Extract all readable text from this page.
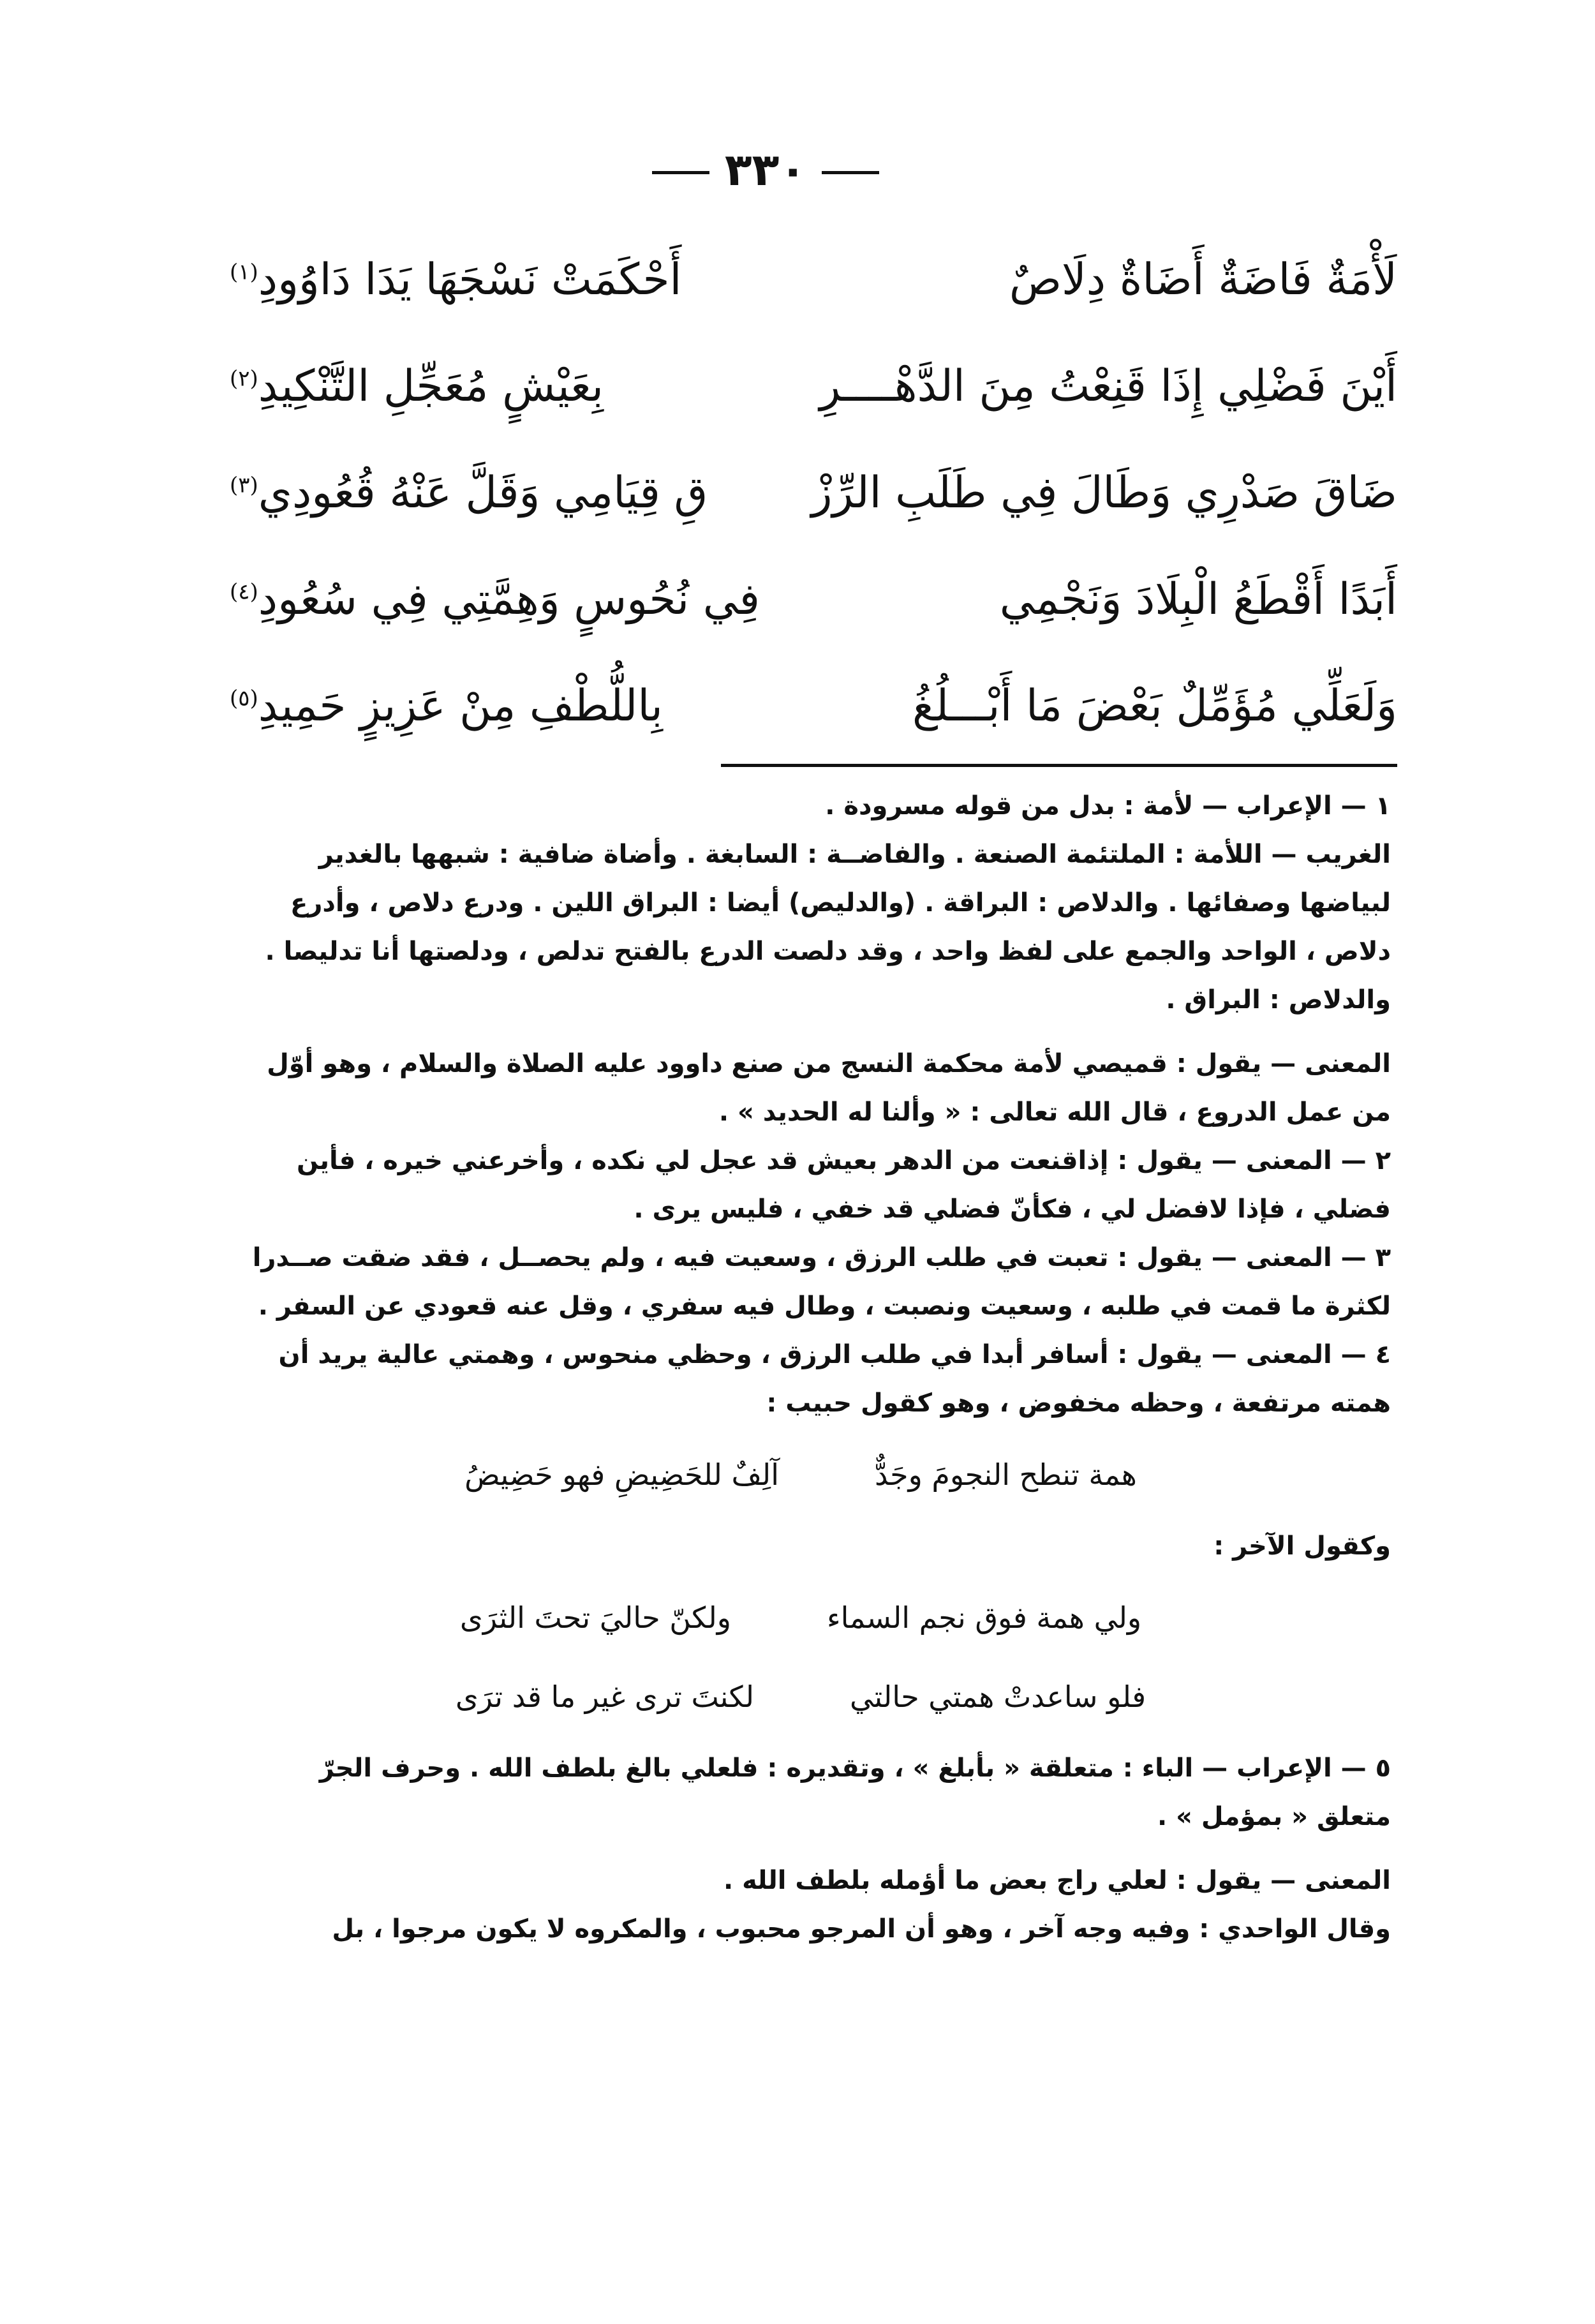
٣٣٠
لَأْمَةٌ فَاضَةٌ أَضَاةٌ دِلَاصٌ
أَحْكَمَتْ نَسْجَهَا يَدَا دَاوُودِ$^{(١)}$
أَيْنَ فَضْلِي إِذَا قَنِعْتُ مِنَ الدَّهْــــرِ
بِعَيْشٍ مُعَجِّلِ التَّنْكِيدِ$^{(٢)}$
ضَاقَ صَدْرِي وَطَالَ فِي طَلَبِ الرِّزْ
قِ قِيَامِي وَقَلَّ عَنْهُ قُعُودِي$^{(٣)}$
أَبَدًا أَقْطَعُ الْبِلَادَ وَنَجْمِي
فِي نُحُوسٍ وَهِمَّتِي فِي سُعُودِ$^{(٤)}$
وَلَعَلِّي مُؤَمِّلٌ بَعْضَ مَا أَبْـــلُغُ
بِاللُّطْفِ مِنْ عَزِيزٍ حَمِيدِ$^{(٥)}$

١ — الإعراب — لأمة : بدل من قوله مسرودة .

الغريب — اللأمة : الملتئمة الصنعة . والفاضــة : السابغة . وأضاة ضافية : شبهها بالغدير

لبياضها وصفائها . والدلاص : البراقة . (والدليص) أيضا : البراق اللين . ودرع دلاص ، وأدرع

دلاص ، الواحد والجمع على لفظ واحد ، وقد دلصت الدرع بالفتح تدلص ، ودلصتها أنا تدليصا .

والدلاص : البراق .

المعنى — يقول : قميصي لأمة محكمة النسج من صنع داوود عليه الصلاة والسلام ، وهو أوّل

من عمل الدروع ، قال الله تعالى : « وألنا له الحديد » .

٢ — المعنى — يقول : إذاقنعت من الدهر بعيش قد عجل لي نكده ، وأخرعني خيره ، فأين

فضلي ، فإذا لافضل لي ، فكأنّ فضلي قد خفي ، فليس يرى .

٣ — المعنى — يقول : تعبت في طلب الرزق ، وسعيت فيه ، ولم يحصــل ، فقد ضقت صــدرا

لكثرة ما قمت في طلبه ، وسعيت ونصبت ، وطال فيه سفري ، وقل عنه قعودي عن السفر .

٤ — المعنى — يقول : أسافر أبدا في طلب الرزق ، وحظي منحوس ، وهمتي عالية يريد أن

همته مرتفعة ، وحظه مخفوض ، وهو كقول حبيب :

همة تنطح النجومَ وجَدٌّ
آلِفٌ للحَضِيضِ فهو حَضِيضُ

وكقول الآخر :

ولي همة فوق نجم السماء
ولكنّ حاليَ تحتَ الثرَى
فلو ساعدتْ همتي حالتي
لكنتَ ترى غير ما قد ترَى

٥ — الإعراب — الباء : متعلقة « بأبلغ » ، وتقديره : فلعلي بالغ بلطف الله . وحرف الجرّ

متعلق « بمؤمل » .

المعنى — يقول : لعلي راج بعض ما أؤمله بلطف الله .

وقال الواحدي : وفيه وجه آخر ، وهو أن المرجو محبوب ، والمكروه لا يكون مرجوا ، بل
